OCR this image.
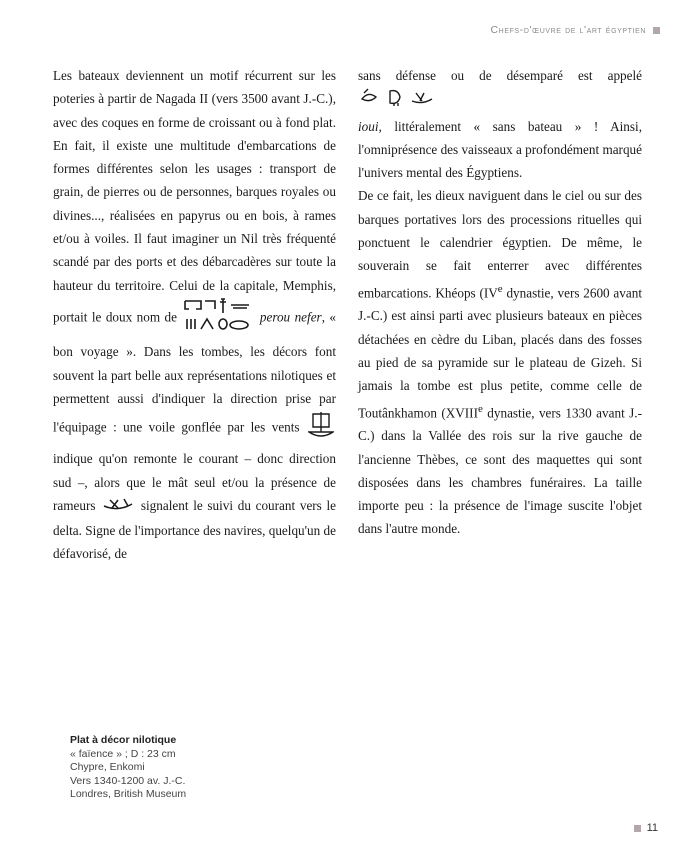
Chefs-d'œuvre de l'art égyptien

Les bateaux deviennent un motif récurrent sur les poteries à partir de Nagada II (vers 3500 avant J.-C.), avec des coques en forme de croissant ou à fond plat. En fait, il existe une multitude d'embarcations de formes différentes selon les usages : transport de grain, de pierres ou de personnes, barques royales ou divines..., réalisées en papyrus ou en bois, à rames et/ou à voiles. Il faut imaginer un Nil très fréquenté scandé par des ports et des débarcadères sur toute la hauteur du territoire. Celui de la capitale, Memphis, portait le doux nom de	perou nefer, « bon voyage ». Dans les tombes, les décors font souvent la part belle aux représentations nilotiques et permettent aussi d'indiquer la direction prise par l'équipage : une voile gonflée par les vents  indique qu'on remonte le courant – donc direction sud –, alors que le mât seul et/ou la présence de rameurs	signalent le suivi du courant vers le delta. Signe de l'importance des navires, quelqu'un de défavorisé, de

sans défense ou de désemparé est appelé
ioui, littéralement « sans bateau » ! Ainsi, l'omniprésence des vaisseaux a profondément marqué l'univers mental des Égyptiens.

De ce fait, les dieux naviguent dans le ciel ou sur des barques portatives lors des processions rituelles qui ponctuent le calendrier égyptien. De même, le souverain se fait enterrer avec différentes embarcations. Khéops (IVe dynastie, vers 2600 avant J.-C.) est ainsi parti avec plusieurs bateaux en pièces détachées en cèdre du Liban, placés dans des fosses au pied de sa pyramide sur le plateau de Gizeh. Si jamais la tombe est plus petite, comme celle de Toutânkhamon (XVIIIe dynastie, vers 1330 avant J.-C.) dans la Vallée des rois sur la rive gauche de l'ancienne Thèbes, ce sont des maquettes qui sont disposées dans les chambres funéraires. La taille importe peu : la présence de l'image suscite l'objet dans l'autre monde.

Plat à décor nilotique
« faïence » ; D : 23 cm
Chypre, Enkomi
Vers 1340-1200 av. J.-C.
Londres, British Museum
11
